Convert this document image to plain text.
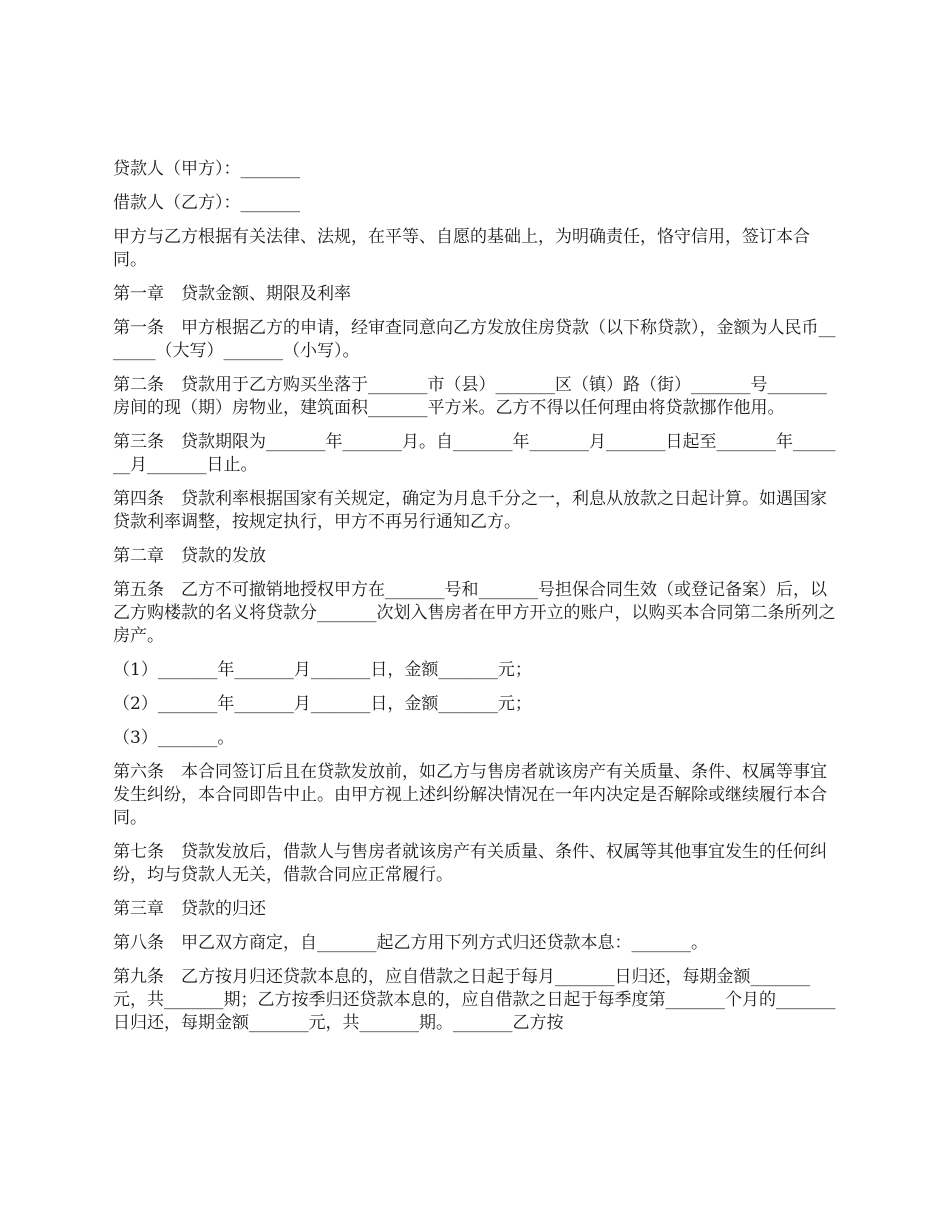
贷款人（甲方）：_______

借款人（乙方）：_______

甲方与乙方根据有关法律、法规，在平等、自愿的基础上，为明确责任，恪守信用，签订本合同。

第一章　贷款金额、期限及利率

第一条　甲方根据乙方的申请，经审查同意向乙方发放住房贷款（以下称贷款），金额为人民币_______（大写）_______（小写）。

第二条　贷款用于乙方购买坐落于_______市（县）_______区（镇）路（街）_______号_______房间的现（期）房物业，建筑面积_______平方米。乙方不得以任何理由将贷款挪作他用。

第三条　贷款期限为_______年_______月。自_______年_______月_______日起至_______年_______月_______日止。

第四条　贷款利率根据国家有关规定，确定为月息千分之一，利息从放款之日起计算。如遇国家贷款利率调整，按规定执行，甲方不再另行通知乙方。

第二章　贷款的发放

第五条　乙方不可撤销地授权甲方在_______号和_______号担保合同生效（或登记备案）后，以乙方购楼款的名义将贷款分_______次划入售房者在甲方开立的账户，以购买本合同第二条所列之房产。

（1）_______年_______月_______日，金额_______元；

（2）_______年_______月_______日，金额_______元；

（3）_______。

第六条　本合同签订后且在贷款发放前，如乙方与售房者就该房产有关质量、条件、权属等事宜发生纠纷，本合同即告中止。由甲方视上述纠纷解决情况在一年内决定是否解除或继续履行本合同。

第七条　贷款发放后，借款人与售房者就该房产有关质量、条件、权属等其他事宜发生的任何纠纷，均与贷款人无关，借款合同应正常履行。

第三章　贷款的归还

第八条　甲乙双方商定，自_______起乙方用下列方式归还贷款本息：_______。

第九条　乙方按月归还贷款本息的，应自借款之日起于每月_______日归还，每期金额_______元，共_______期；乙方按季归还贷款本息的，应自借款之日起于每季度第_______个月的_______日归还，每期金额_______元，共_______期。_______乙方按
